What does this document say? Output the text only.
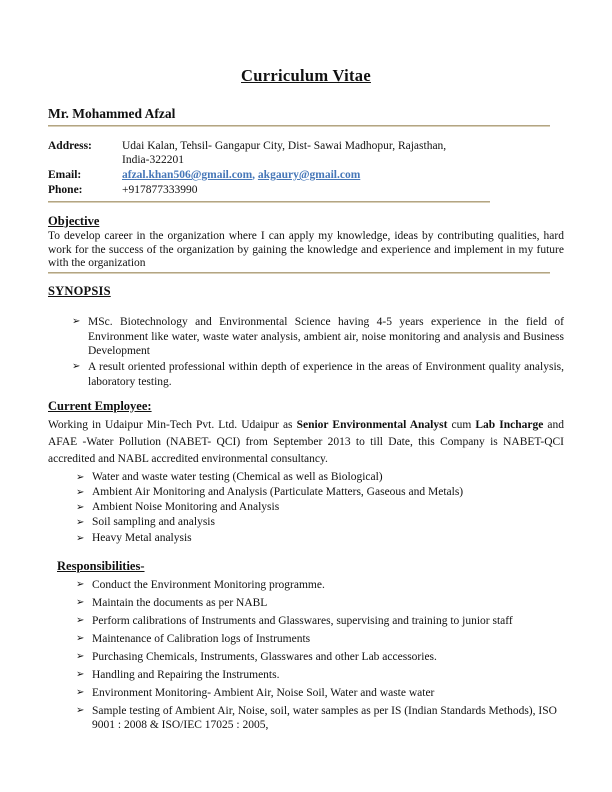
Curriculum Vitae
Mr. Mohammed Afzal
Address:	Udai Kalan, Tehsil- Gangapur City, Dist- Sawai Madhopur, Rajasthan,
India-322201
Email:	afzal.khan506@gmail.com, akgaury@gmail.com
Phone:	+917877333990
Objective
To develop career in the organization where I can apply my knowledge, ideas by contributing qualities, hard work for the success of the organization by gaining the knowledge and experience and implement in my future with the organization
SYNOPSIS
➢ MSc. Biotechnology and Environmental Science having 4-5 years experience in the field of Environment like water, waste water analysis, ambient air, noise monitoring and analysis and Business Development
➢ A result oriented professional within depth of experience in the areas of Environment quality analysis, laboratory testing.
Current Employee:
Working in Udaipur Min-Tech Pvt. Ltd. Udaipur as Senior Environmental Analyst cum Lab Incharge and AFAE -Water Pollution (NABET- QCI) from September 2013 to till Date, this Company is NABET-QCI accredited and NABL accredited environmental consultancy.
➢ Water and waste water testing (Chemical as well as Biological)
➢ Ambient Air Monitoring and Analysis (Particulate Matters, Gaseous and Metals)
➢ Ambient Noise Monitoring and Analysis
➢ Soil sampling and analysis
➢ Heavy Metal analysis
Responsibilities-
➢ Conduct the Environment Monitoring programme.
➢ Maintain the documents as per NABL
➢ Perform calibrations of Instruments and Glasswares, supervising and training to junior staff
➢ Maintenance of Calibration logs of Instruments
➢ Purchasing Chemicals, Instruments, Glasswares and other Lab accessories.
➢ Handling and Repairing the Instruments.
➢ Environment Monitoring- Ambient Air, Noise Soil, Water and waste water
➢ Sample testing of Ambient Air, Noise, soil, water samples as per IS (Indian Standards Methods), ISO 9001 : 2008 & ISO/IEC 17025 : 2005,
